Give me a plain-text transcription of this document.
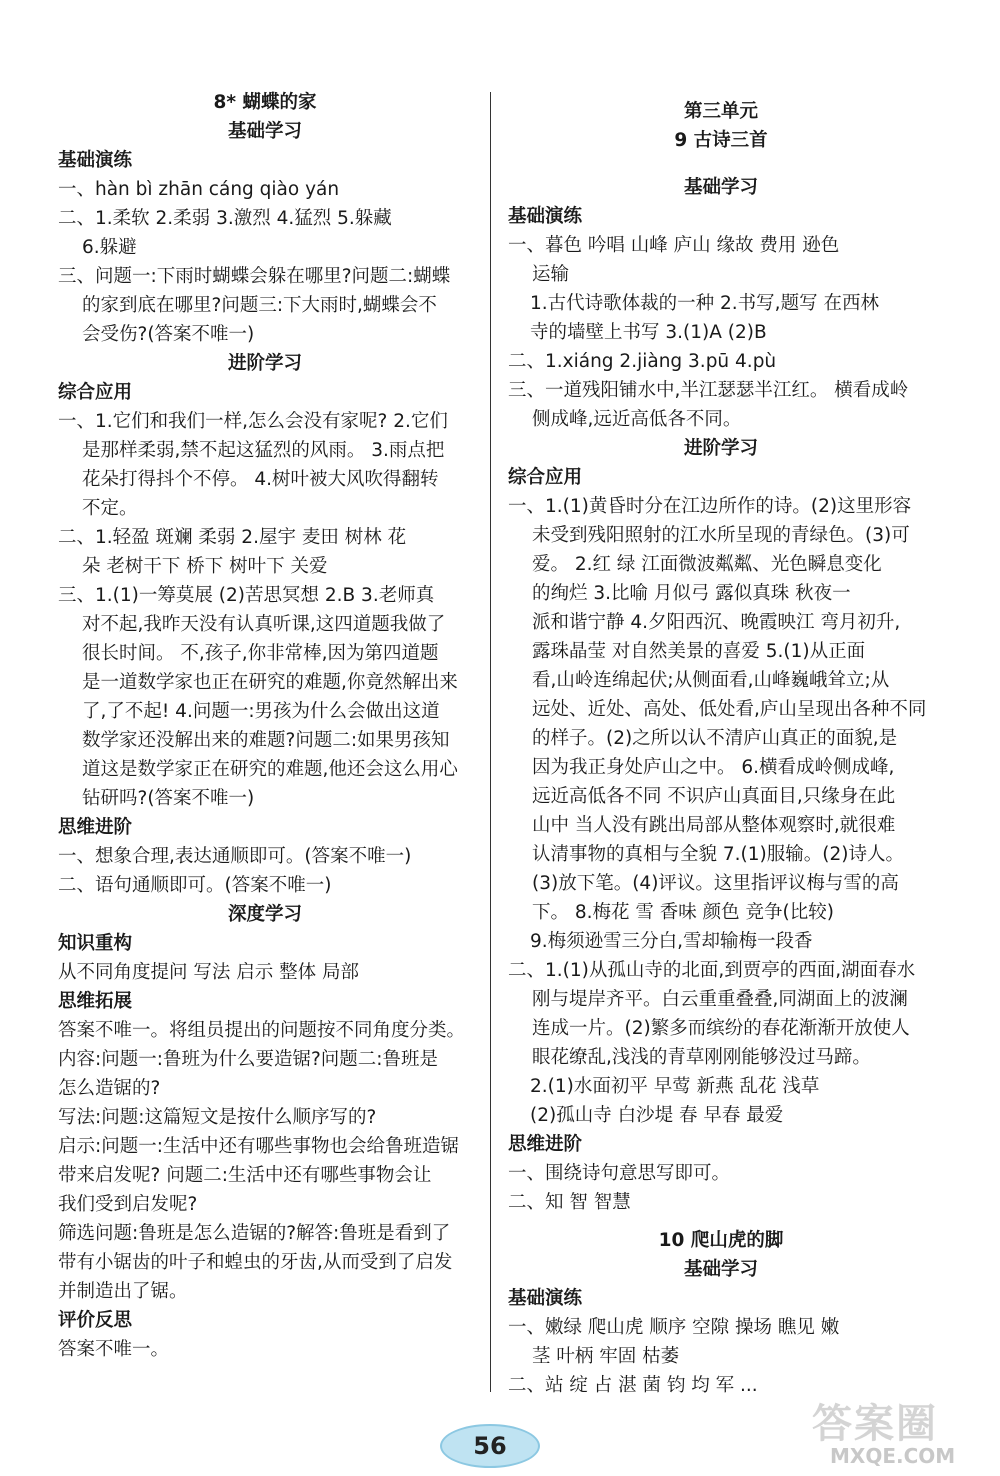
8* 蝴蝶的家
基础学习
基础演练
一、hàn bì zhān cáng qiào yán
二、1.柔软 2.柔弱 3.激烈 4.猛烈 5.躲藏
6.躲避
三、问题一:下雨时蝴蝶会躲在哪里?问题二:蝴蝶
的家到底在哪里?问题三:下大雨时,蝴蝶会不
会受伤?(答案不唯一)
进阶学习
综合应用
一、1.它们和我们一样,怎么会没有家呢? 2.它们
是那样柔弱,禁不起这猛烈的风雨。 3.雨点把
花朵打得抖个不停。 4.树叶被大风吹得翻转
不定。
二、1.轻盈 斑斓 柔弱 2.屋宇 麦田 树林 花
朵 老树干下 桥下 树叶下 关爱
三、1.(1)一筹莫展 (2)苦思冥想 2.B 3.老师真
对不起,我昨天没有认真听课,这四道题我做了
很长时间。 不,孩子,你非常棒,因为第四道题
是一道数学家也正在研究的难题,你竟然解出来
了,了不起! 4.问题一:男孩为什么会做出这道
数学家还没解出来的难题?问题二:如果男孩知
道这是数学家正在研究的难题,他还会这么用心
钻研吗?(答案不唯一)
思维进阶
一、想象合理,表达通顺即可。(答案不唯一)
二、语句通顺即可。(答案不唯一)
深度学习
知识重构
从不同角度提问 写法 启示 整体 局部
思维拓展
答案不唯一。将组员提出的问题按不同角度分类。
内容:问题一:鲁班为什么要造锯?问题二:鲁班是
怎么造锯的?
写法:问题:这篇短文是按什么顺序写的?
启示:问题一:生活中还有哪些事物也会给鲁班造锯
带来启发呢? 问题二:生活中还有哪些事物会让
我们受到启发呢?
筛选问题:鲁班是怎么造锯的?解答:鲁班是看到了
带有小锯齿的叶子和蝗虫的牙齿,从而受到了启发
并制造出了锯。
评价反思
答案不唯一。
第三单元
9 古诗三首
基础学习
基础演练
一、暮色 吟唱 山峰 庐山 缘故 费用 逊色
运输
1.古代诗歌体裁的一种 2.书写,题写 在西林
寺的墙壁上书写 3.(1)A (2)B
二、1.xiáng 2.jiàng 3.pū 4.pù
三、一道残阳铺水中,半江瑟瑟半江红。 横看成岭
侧成峰,远近高低各不同。
进阶学习
综合应用
一、1.(1)黄昏时分在江边所作的诗。(2)这里形容
未受到残阳照射的江水所呈现的青绿色。(3)可
爱。 2.红 绿 江面微波粼粼、光色瞬息变化
的绚烂 3.比喻 月似弓 露似真珠 秋夜一
派和谐宁静 4.夕阳西沉、晚霞映江 弯月初升,
露珠晶莹 对自然美景的喜爱 5.(1)从正面
看,山岭连绵起伏;从侧面看,山峰巍峨耸立;从
远处、近处、高处、低处看,庐山呈现出各种不同
的样子。(2)之所以认不清庐山真正的面貌,是
因为我正身处庐山之中。 6.横看成岭侧成峰,
远近高低各不同 不识庐山真面目,只缘身在此
山中 当人没有跳出局部从整体观察时,就很难
认清事物的真相与全貌 7.(1)服输。(2)诗人。
(3)放下笔。(4)评议。这里指评议梅与雪的高
下。 8.梅花 雪 香味 颜色 竞争(比较)
9.梅须逊雪三分白,雪却输梅一段香
二、1.(1)从孤山寺的北面,到贾亭的西面,湖面春水
刚与堤岸齐平。白云重重叠叠,同湖面上的波澜
连成一片。(2)繁多而缤纷的春花渐渐开放使人
眼花缭乱,浅浅的青草刚刚能够没过马蹄。
2.(1)水面初平 早莺 新燕 乱花 浅草
(2)孤山寺 白沙堤 春 早春 最爱
思维进阶
一、围绕诗句意思写即可。
二、知 智 智慧
10 爬山虎的脚
基础学习
基础演练
一、嫩绿 爬山虎 顺序 空隙 操场 瞧见 嫩
茎 叶柄 牢固 枯萎
二、站 绽 占 湛 菌 钧 均 军 ...
56	答案圈
MXQE.COM
